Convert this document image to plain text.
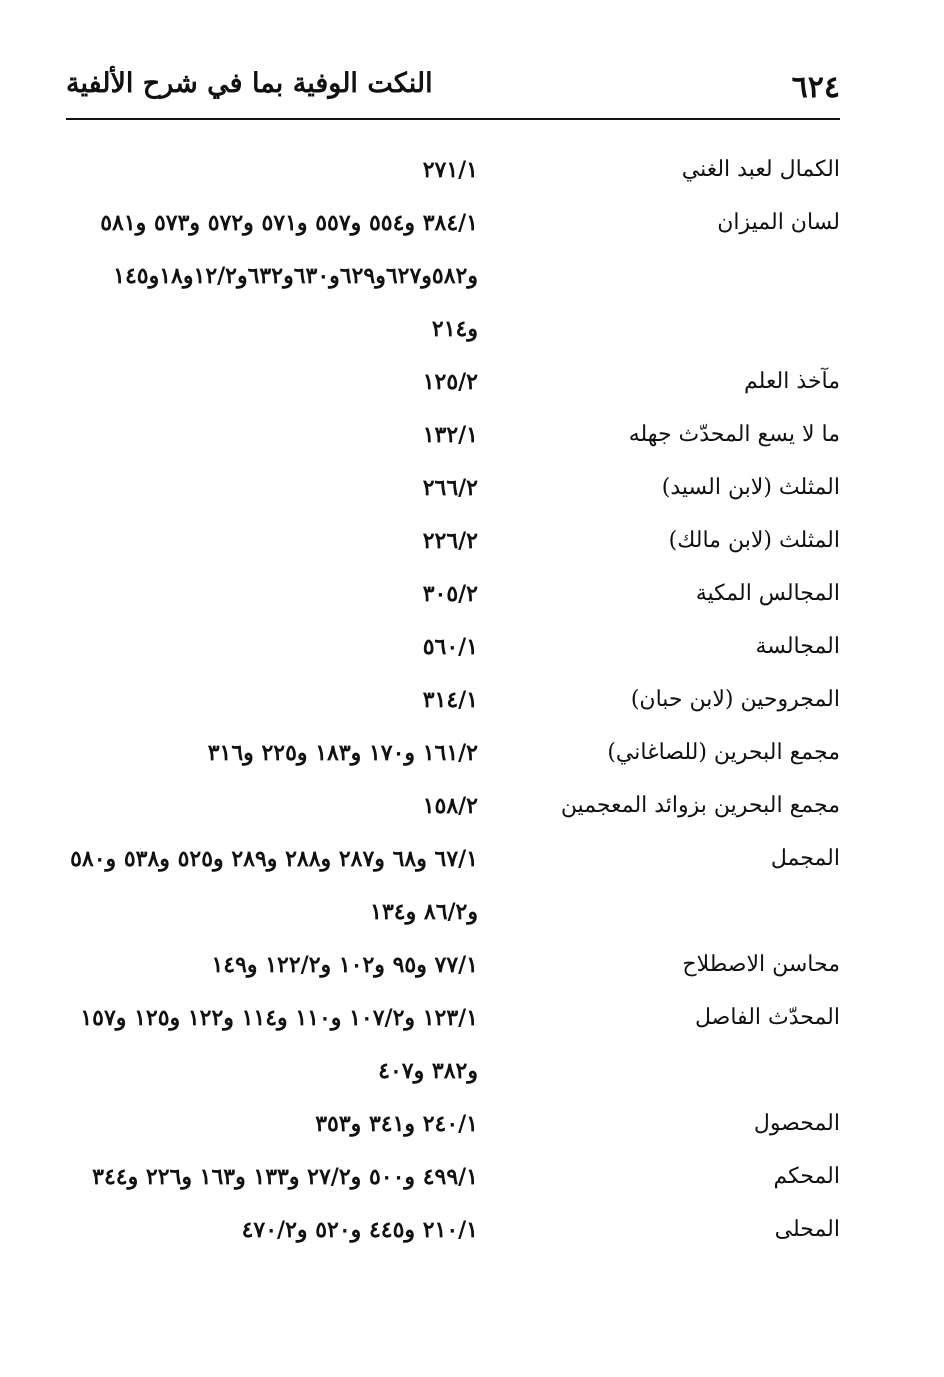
٦٢٤
النكت الوفية بما في شرح الألفية
الكمال لعبد الغني
٢٧١/١
لسان الميزان
٣٨٤/١ و٥٥٤ و٥٥٧ و٥٧١ و٥٧٢ و٥٧٣ و٥٨١
و٥٨٢و٦٢٧و٦٢٩و٦٣٠و٦٣٢و١٢/٢و١٨و١٤٥
و٢١٤
مآخذ العلم
١٢٥/٢
ما لا يسع المحدّث جهله
١٣٢/١
المثلث (لابن السيد)
٢٦٦/٢
المثلث (لابن مالك)
٢٢٦/٢
المجالس المكية
٣٠٥/٢
المجالسة
٥٦٠/١
المجروحين (لابن حبان)
٣١٤/١
مجمع البحرين (للصاغاني)
١٦١/٢ و١٧٠ و١٨٣ و٢٢٥ و٣١٦
مجمع البحرين بزوائد المعجمين
١٥٨/٢
المجمل
٦٧/١ و٦٨ و٢٨٧ و٢٨٨ و٢٨٩ و٥٢٥ و٥٣٨ و٥٨٠
و٨٦/٢ و١٣٤
محاسن الاصطلاح
٧٧/١ و٩٥ و١٠٢ و١٢٢/٢ و١٤٩
المحدّث الفاصل
١٢٣/١ و١٠٧/٢ و١١٠ و١١٤ و١٢٢ و١٢٥ و١٥٧
و٣٨٢ و٤٠٧
المحصول
٢٤٠/١ و٣٤١ و٣٥٣
المحكم
٤٩٩/١ و٥٠٠ و٢٧/٢ و١٣٣ و١٦٣ و٢٢٦ و٣٤٤
المحلى
٢١٠/١ و٤٤٥ و٥٢٠ و٤٧٠/٢
